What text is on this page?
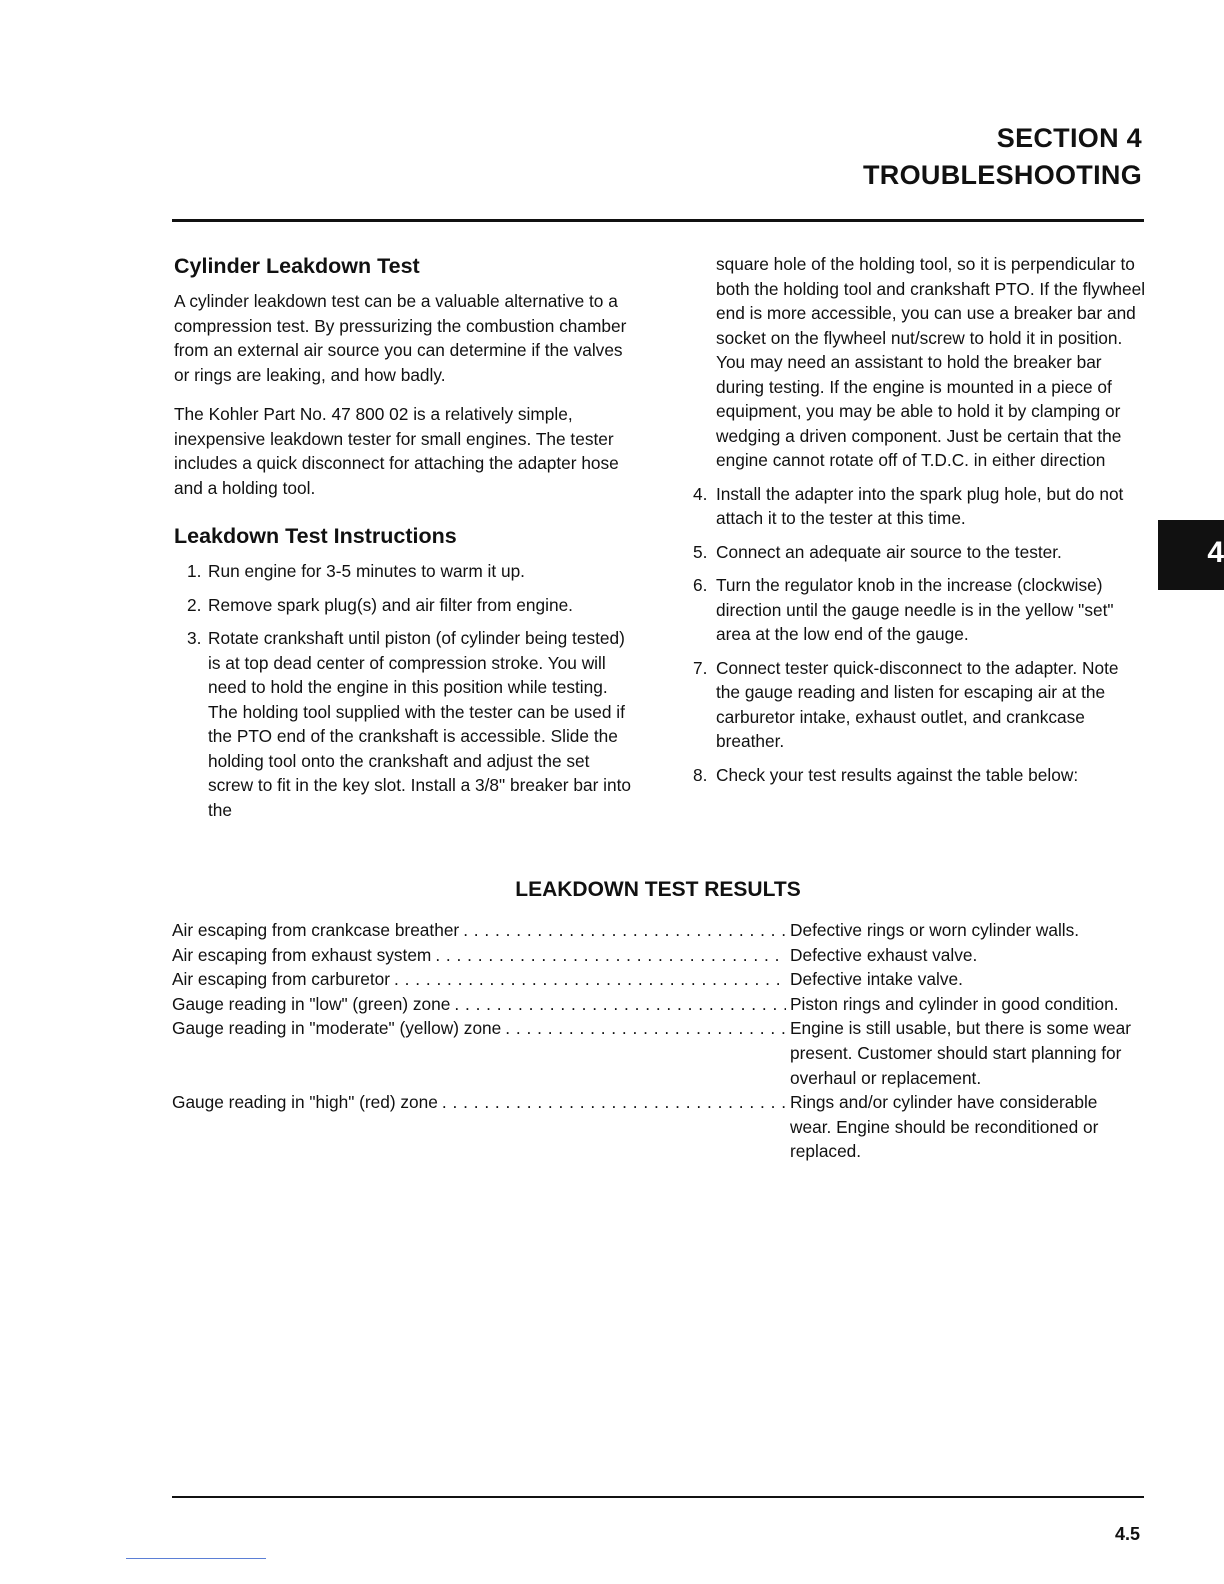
SECTION 4
TROUBLESHOOTING
4
Cylinder Leakdown Test

A cylinder leakdown test can be a valuable alternative to a compression test. By pressurizing the combustion chamber from an external air source you can determine if the valves or rings are leaking, and how badly.

The Kohler Part No. 47 800 02 is a relatively simple, inexpensive leakdown tester for small engines. The tester includes a quick disconnect for attaching the adapter hose and a holding tool.

Leakdown Test Instructions
1. Run engine for 3-5 minutes to warm it up.
2. Remove spark plug(s) and air filter from engine.
3. Rotate crankshaft until piston (of cylinder being tested) is at top dead center of compression stroke. You will need to hold the engine in this position while testing. The holding tool supplied with the tester can be used if the PTO end of the crankshaft is accessible. Slide the holding tool onto the crankshaft and adjust the set screw to fit in the key slot. Install a 3/8" breaker bar into the
square hole of the holding tool, so it is perpendicular to both the holding tool and crankshaft PTO. If the flywheel end is more accessible, you can use a breaker bar and socket on the flywheel nut/screw to hold it in position. You may need an assistant to hold the breaker bar during testing. If the engine is mounted in a piece of equipment, you may be able to hold it by clamping or wedging a driven component. Just be certain that the engine cannot rotate off of T.D.C. in either direction
4. Install the adapter into the spark plug hole, but do not attach it to the tester at this time.
5. Connect an adequate air source to the tester.
6. Turn the regulator knob in the increase (clockwise) direction until the gauge needle is in the yellow "set" area at the low end of the gauge.
7. Connect tester quick-disconnect to the adapter. Note the gauge reading and listen for escaping air at the carburetor intake, exhaust outlet, and crankcase breather.
8. Check your test results against the table below:
LEAKDOWN TEST RESULTS
Air escaping from crankcase breather . . .	Defective rings or worn cylinder walls.
Air escaping from exhaust system . . .	Defective exhaust valve.
Air escaping from carburetor . . .	Defective intake valve.
Gauge reading in "low" (green) zone . . .	Piston rings and cylinder in good condition.
Gauge reading in "moderate" (yellow) zone . . .	Engine is still usable, but there is some wear present. Customer should start planning for overhaul or replacement.
Gauge reading in "high" (red) zone . . .	Rings and/or cylinder have considerable wear. Engine should be reconditioned or replaced.
4.5
